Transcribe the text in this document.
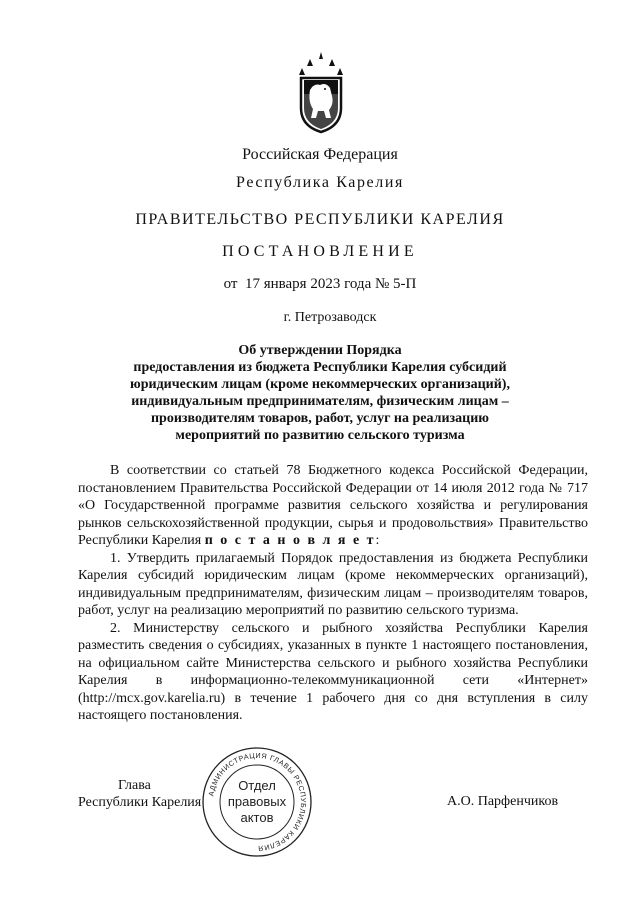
Российская Федерация
Республика Карелия
ПРАВИТЕЛЬСТВО РЕСПУБЛИКИ КАРЕЛИЯ
ПОСТАНОВЛЕНИЕ
от  17 января 2023 года № 5-П
г. Петрозаводск
Об утверждении Порядка
предоставления из бюджета Республики Карелия субсидий
юридическим лицам (кроме некоммерческих организаций),
индивидуальным предпринимателям, физическим лицам –
производителям товаров, работ, услуг на реализацию
мероприятий по развитию сельского туризма

В соответствии со статьей 78 Бюджетного кодекса Российской Федерации, постановлением Правительства Российской Федерации от 14 июля 2012 года № 717 «О Государственной программе развития сельского хозяйства и регулирования рынков сельскохозяйственной продукции, сырья и продовольствия» Правительство Республики Карелия п о с т а н о в л я е т:

1. Утвердить прилагаемый Порядок предоставления из бюджета Республики Карелия субсидий юридическим лицам (кроме некоммерческих организаций), индивидуальным предпринимателям, физическим лицам – производителям товаров, работ, услуг на реализацию мероприятий по развитию сельского туризма.

2. Министерству сельского и рыбного хозяйства Республики Карелия разместить сведения о субсидиях, указанных в пункте 1 настоящего постановления, на официальном сайте Министерства сельского и рыбного хозяйства Республики Карелия в информационно-телекоммуникационной сети «Интернет» (http://mcx.gov.karelia.ru) в течение 1 рабочего дня со дня вступления в силу настоящего постановления.

Глава
Республики Карелия	А.О. Парфенчиков
АДМИНИСТРАЦИЯ ГЛАВЫ РЕСПУБЛИКИ КАРЕЛИЯ
Отдел
правовых
актов
